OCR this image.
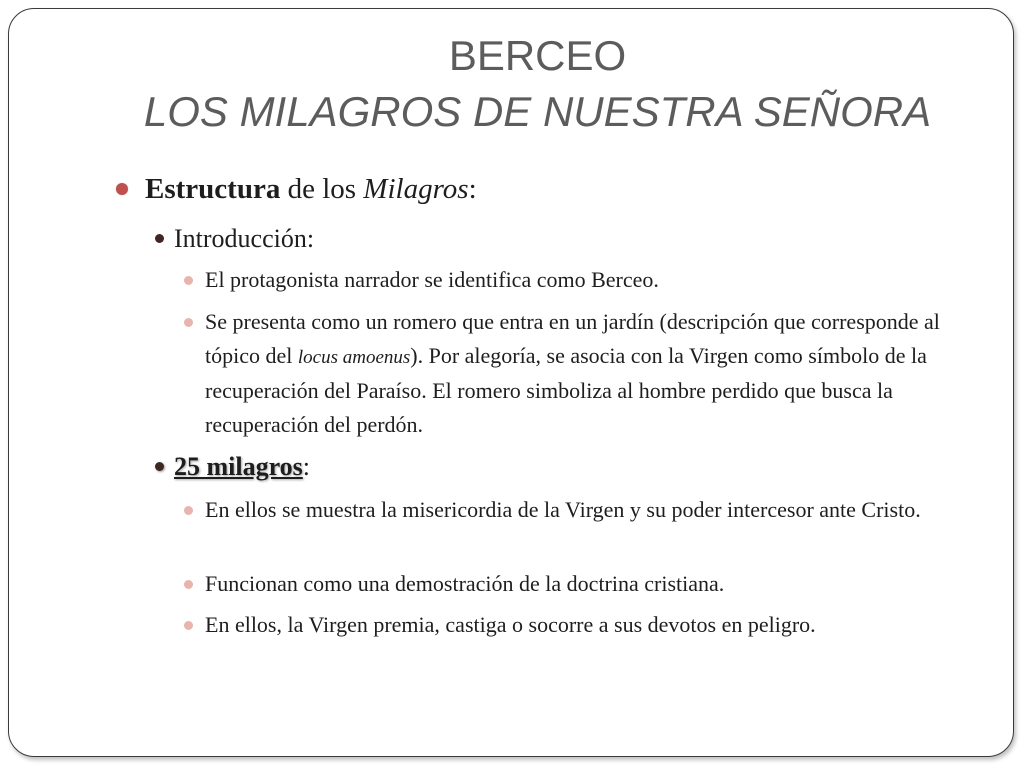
BERCEO
LOS MILAGROS DE NUESTRA SEÑORA
Estructura de los Milagros:
Introducción:
El protagonista narrador se identifica como Berceo.
Se presenta como un romero que entra en un jardín (descripción que corresponde al tópico del locus amoenus). Por alegoría, se asocia con la Virgen como símbolo de la recuperación del Paraíso. El romero simboliza al hombre perdido que busca la recuperación del perdón.
25 milagros:
En ellos se muestra la misericordia de la Virgen y su poder intercesor ante Cristo.
Funcionan como una demostración de la doctrina cristiana.
En ellos, la Virgen premia, castiga o socorre a sus devotos en peligro.
